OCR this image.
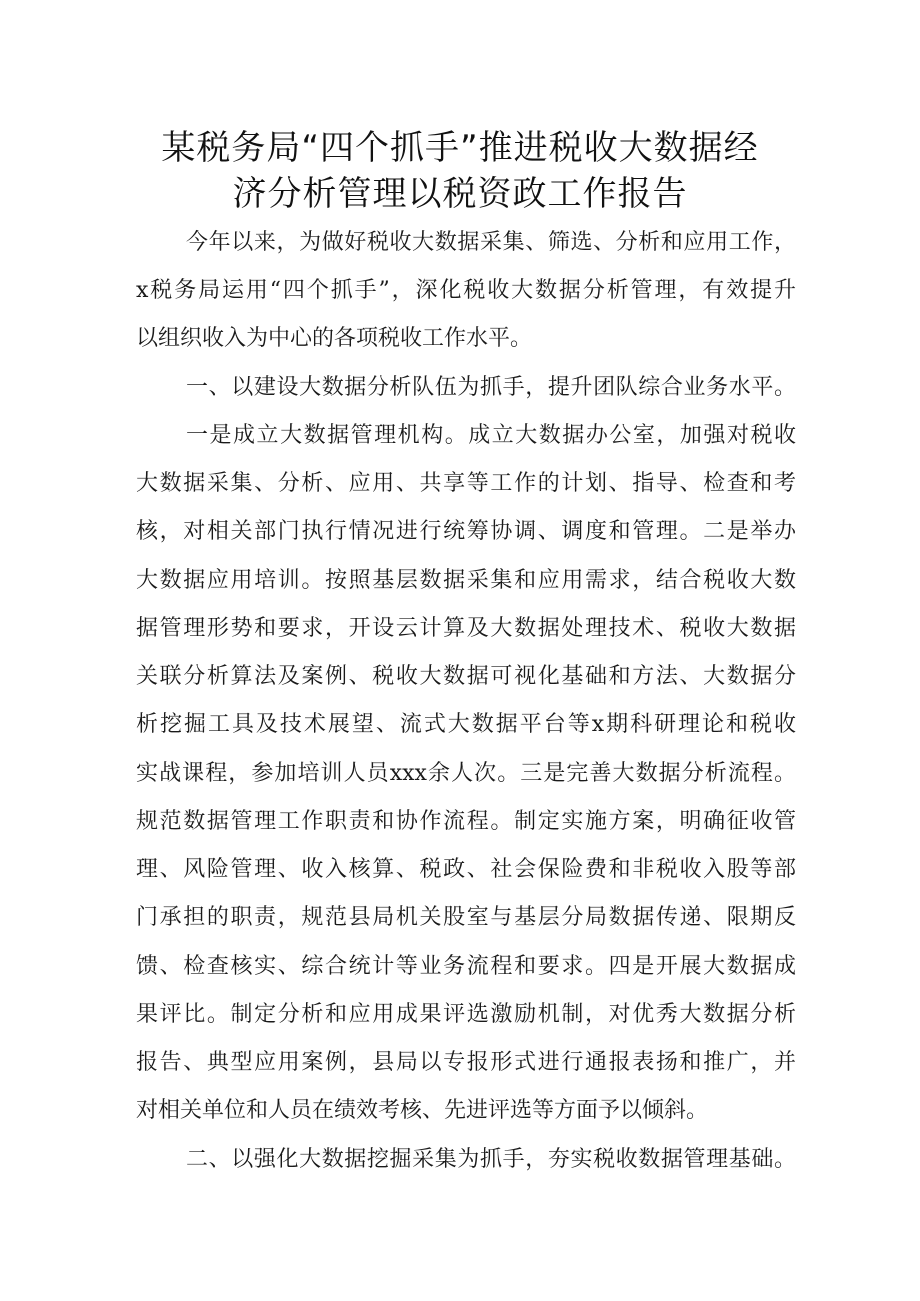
某税务局“四个抓手”推进税收大数据经
济分析管理以税资政工作报告
今年以来，为做好税收大数据采集、筛选、分析和应用工作，
x税务局运用“四个抓手”，深化税收大数据分析管理，有效提升
以组织收入为中心的各项税收工作水平。
一、以建设大数据分析队伍为抓手，提升团队综合业务水平。
一是成立大数据管理机构。成立大数据办公室，加强对税收
大数据采集、分析、应用、共享等工作的计划、指导、检查和考
核，对相关部门执行情况进行统筹协调、调度和管理。二是举办
大数据应用培训。按照基层数据采集和应用需求，结合税收大数
据管理形势和要求，开设云计算及大数据处理技术、税收大数据
关联分析算法及案例、税收大数据可视化基础和方法、大数据分
析挖掘工具及技术展望、流式大数据平台等x期科研理论和税收
实战课程，参加培训人员xxx余人次。三是完善大数据分析流程。
规范数据管理工作职责和协作流程。制定实施方案，明确征收管
理、风险管理、收入核算、税政、社会保险费和非税收入股等部
门承担的职责，规范县局机关股室与基层分局数据传递、限期反
馈、检查核实、综合统计等业务流程和要求。四是开展大数据成
果评比。制定分析和应用成果评选激励机制，对优秀大数据分析
报告、典型应用案例，县局以专报形式进行通报表扬和推广，并
对相关单位和人员在绩效考核、先进评选等方面予以倾斜。
二、以强化大数据挖掘采集为抓手，夯实税收数据管理基础。
